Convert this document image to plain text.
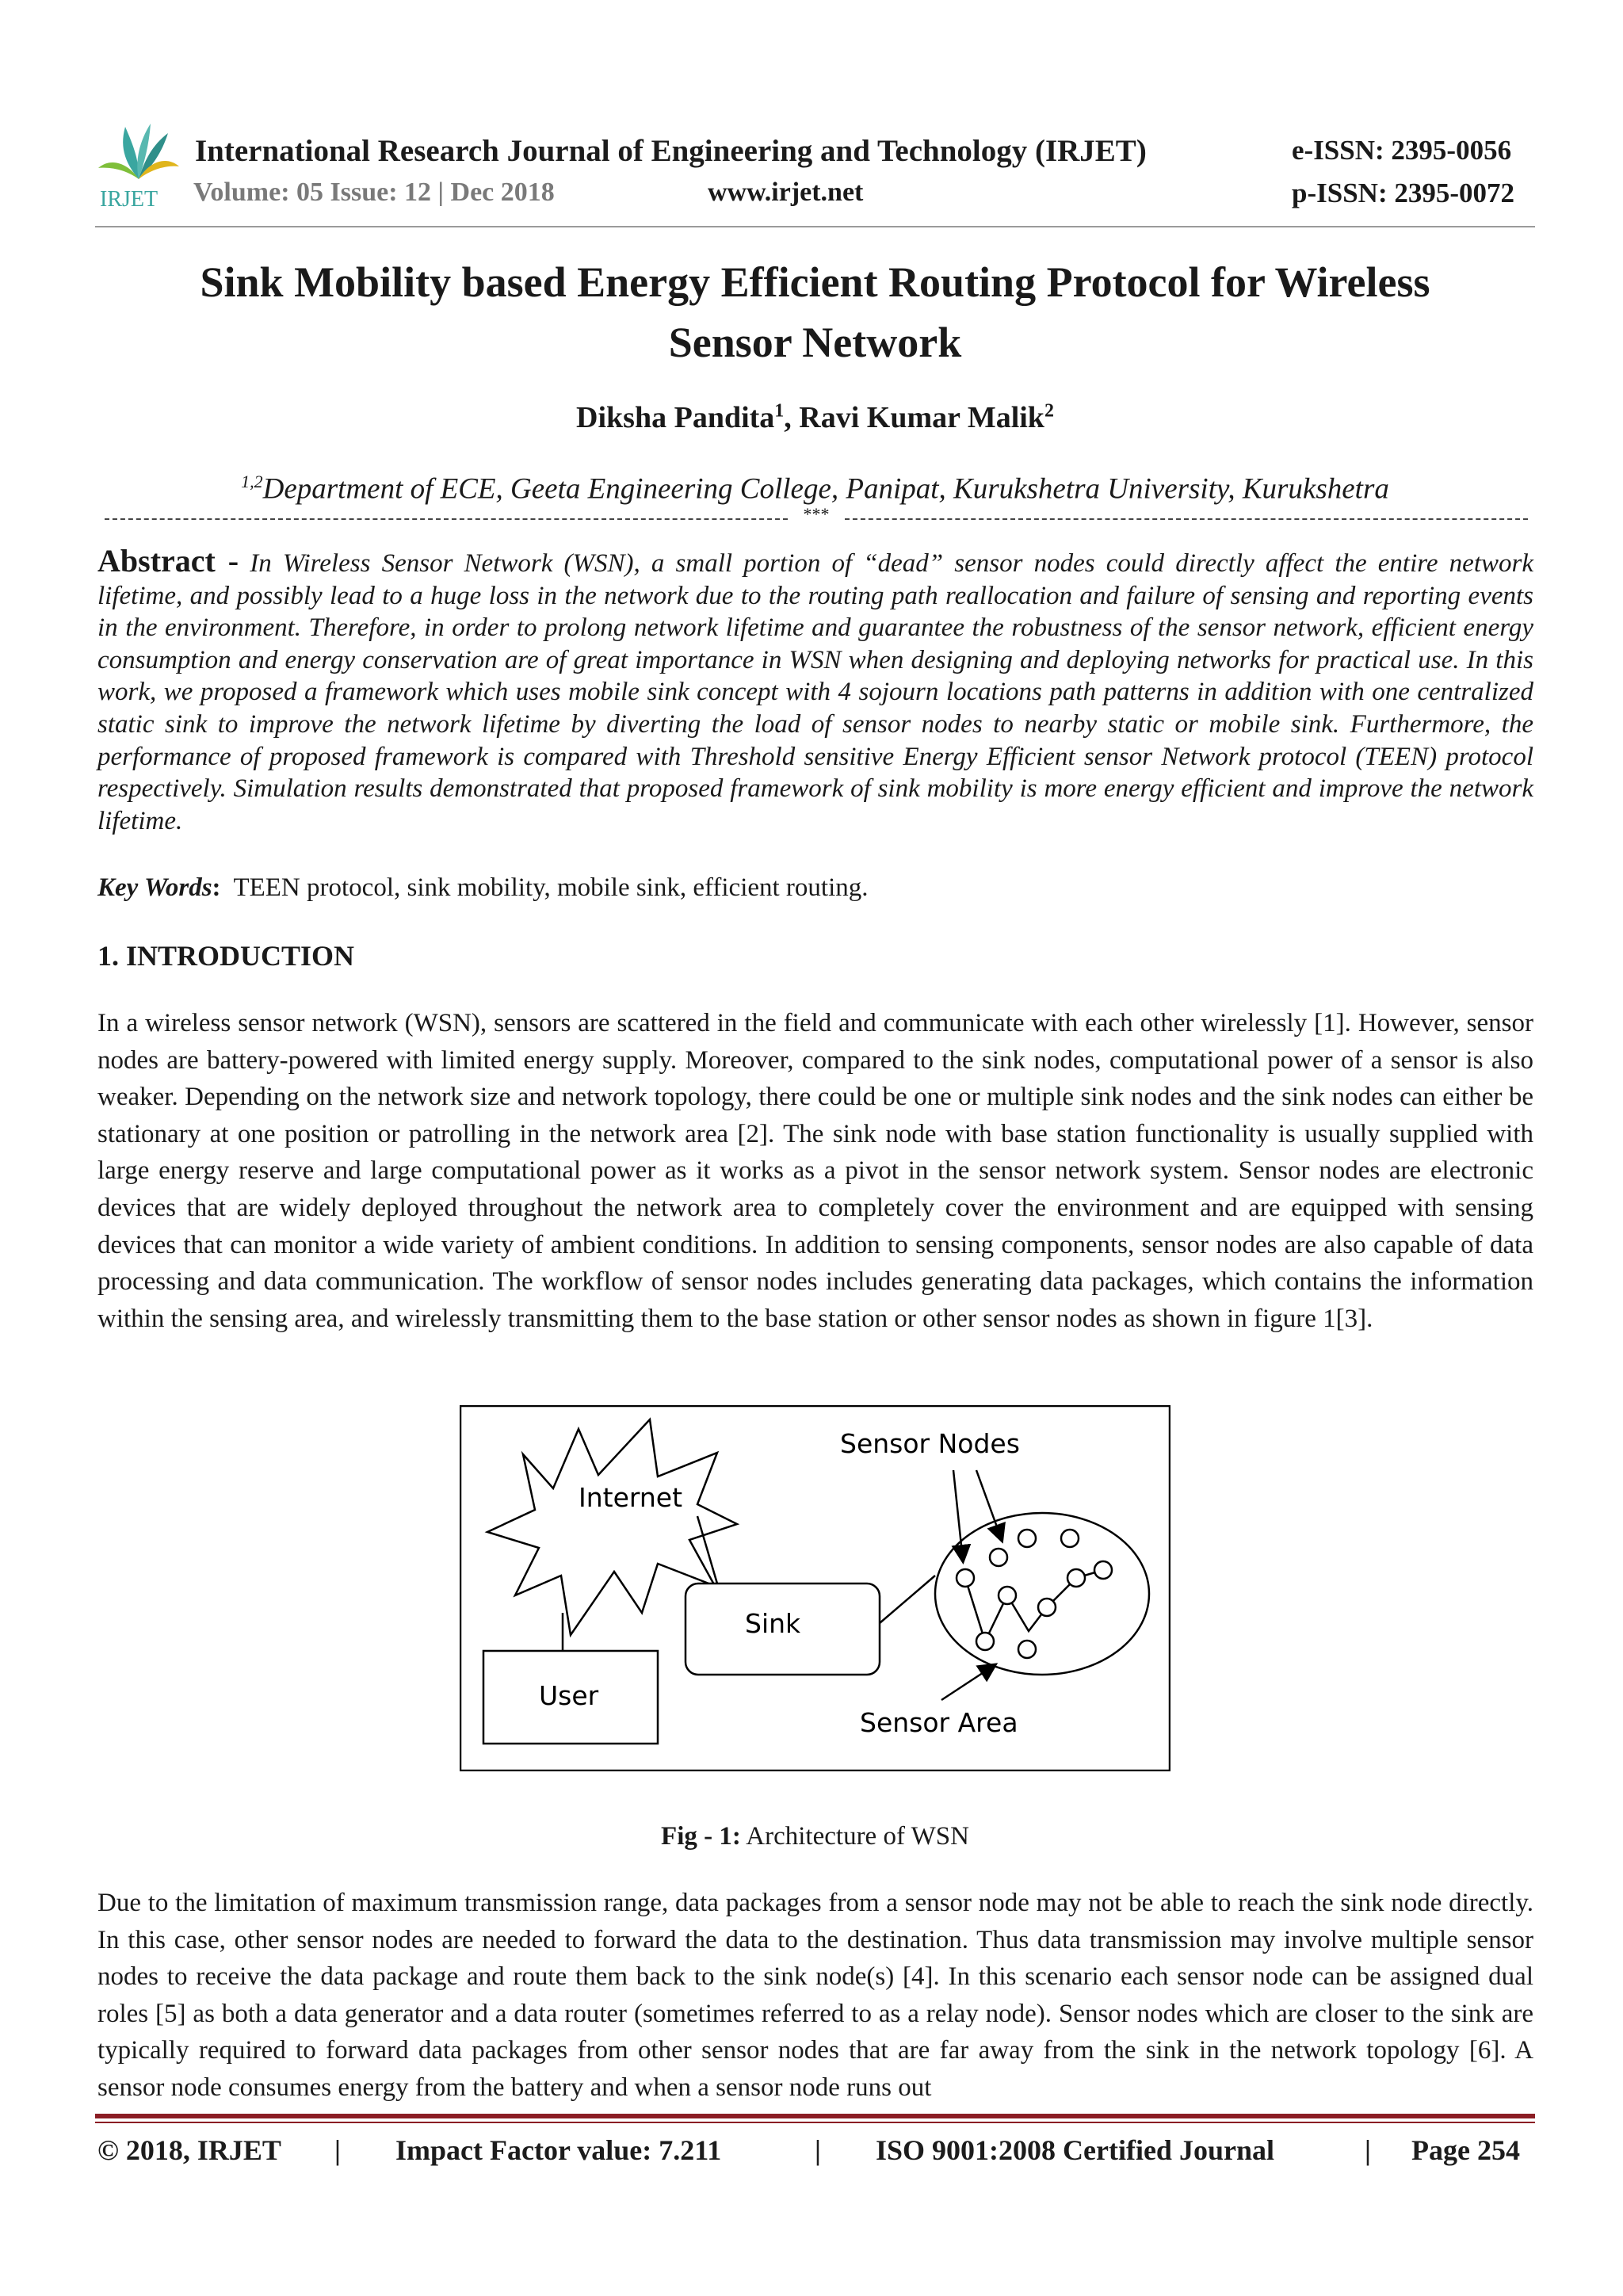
IRJET
International Research Journal of Engineering and Technology (IRJET)	e-ISSN: 2395-0056
Volume: 05 Issue: 12 | Dec 2018	www.irjet.net	p-ISSN: 2395-0072
Sink Mobility based Energy Efficient Routing Protocol for Wireless
Sensor Network
Diksha Pandita$^1$, Ravi Kumar Malik$^2$
$^{1,2}$Department of ECE, Geeta Engineering College, Panipat, Kurukshetra University, Kurukshetra
***
Abstract - In Wireless Sensor Network (WSN), a small portion of “dead” sensor nodes could directly affect the entire network lifetime, and possibly lead to a huge loss in the network due to the routing path reallocation and failure of sensing and reporting events in the environment. Therefore, in order to prolong network lifetime and guarantee the robustness of the sensor network, efficient energy consumption and energy conservation are of great importance in WSN when designing and deploying networks for practical use. In this work, we proposed a framework which uses mobile sink concept with 4 sojourn locations path patterns in addition with one centralized static sink to improve the network lifetime by diverting the load of sensor nodes to nearby static or mobile sink. Furthermore, the performance of proposed framework is compared with Threshold sensitive Energy Efficient sensor Network protocol (TEEN) protocol respectively. Simulation results demonstrated that proposed framework of sink mobility is more energy efficient and improve the network lifetime.
Key Words: TEEN protocol, sink mobility, mobile sink, efficient routing.
1. INTRODUCTION
In a wireless sensor network (WSN), sensors are scattered in the field and communicate with each other wirelessly [1]. However, sensor nodes are battery-powered with limited energy supply. Moreover, compared to the sink nodes, computational power of a sensor is also weaker. Depending on the network size and network topology, there could be one or multiple sink nodes and the sink nodes can either be stationary at one position or patrolling in the network area [2]. The sink node with base station functionality is usually supplied with large energy reserve and large computational power as it works as a pivot in the sensor network system. Sensor nodes are electronic devices that are widely deployed throughout the network area to completely cover the environment and are equipped with sensing devices that can monitor a wide variety of ambient conditions. In addition to sensing components, sensor nodes are also capable of data processing and data communication. The workflow of sensor nodes includes generating data packages, which contains the information within the sensing area, and wirelessly transmitting them to the base station or other sensor nodes as shown in figure 1[3].
Internet
User
Sink
Sensor Nodes
Sensor Area
Fig - 1: Architecture of WSN
Due to the limitation of maximum transmission range, data packages from a sensor node may not be able to reach the sink node directly. In this case, other sensor nodes are needed to forward the data to the destination. Thus data transmission may involve multiple sensor nodes to receive the data package and route them back to the sink node(s) [4]. In this scenario each sensor node can be assigned dual roles [5] as both a data generator and a data router (sometimes referred to as a relay node). Sensor nodes which are closer to the sink are typically required to forward data packages from other sensor nodes that are far away from the sink in the network topology [6]. A sensor node consumes energy from the battery and when a sensor node runs out
© 2018, IRJET | Impact Factor value: 7.211	| ISO 9001:2008 Certified Journal	| Page 254
